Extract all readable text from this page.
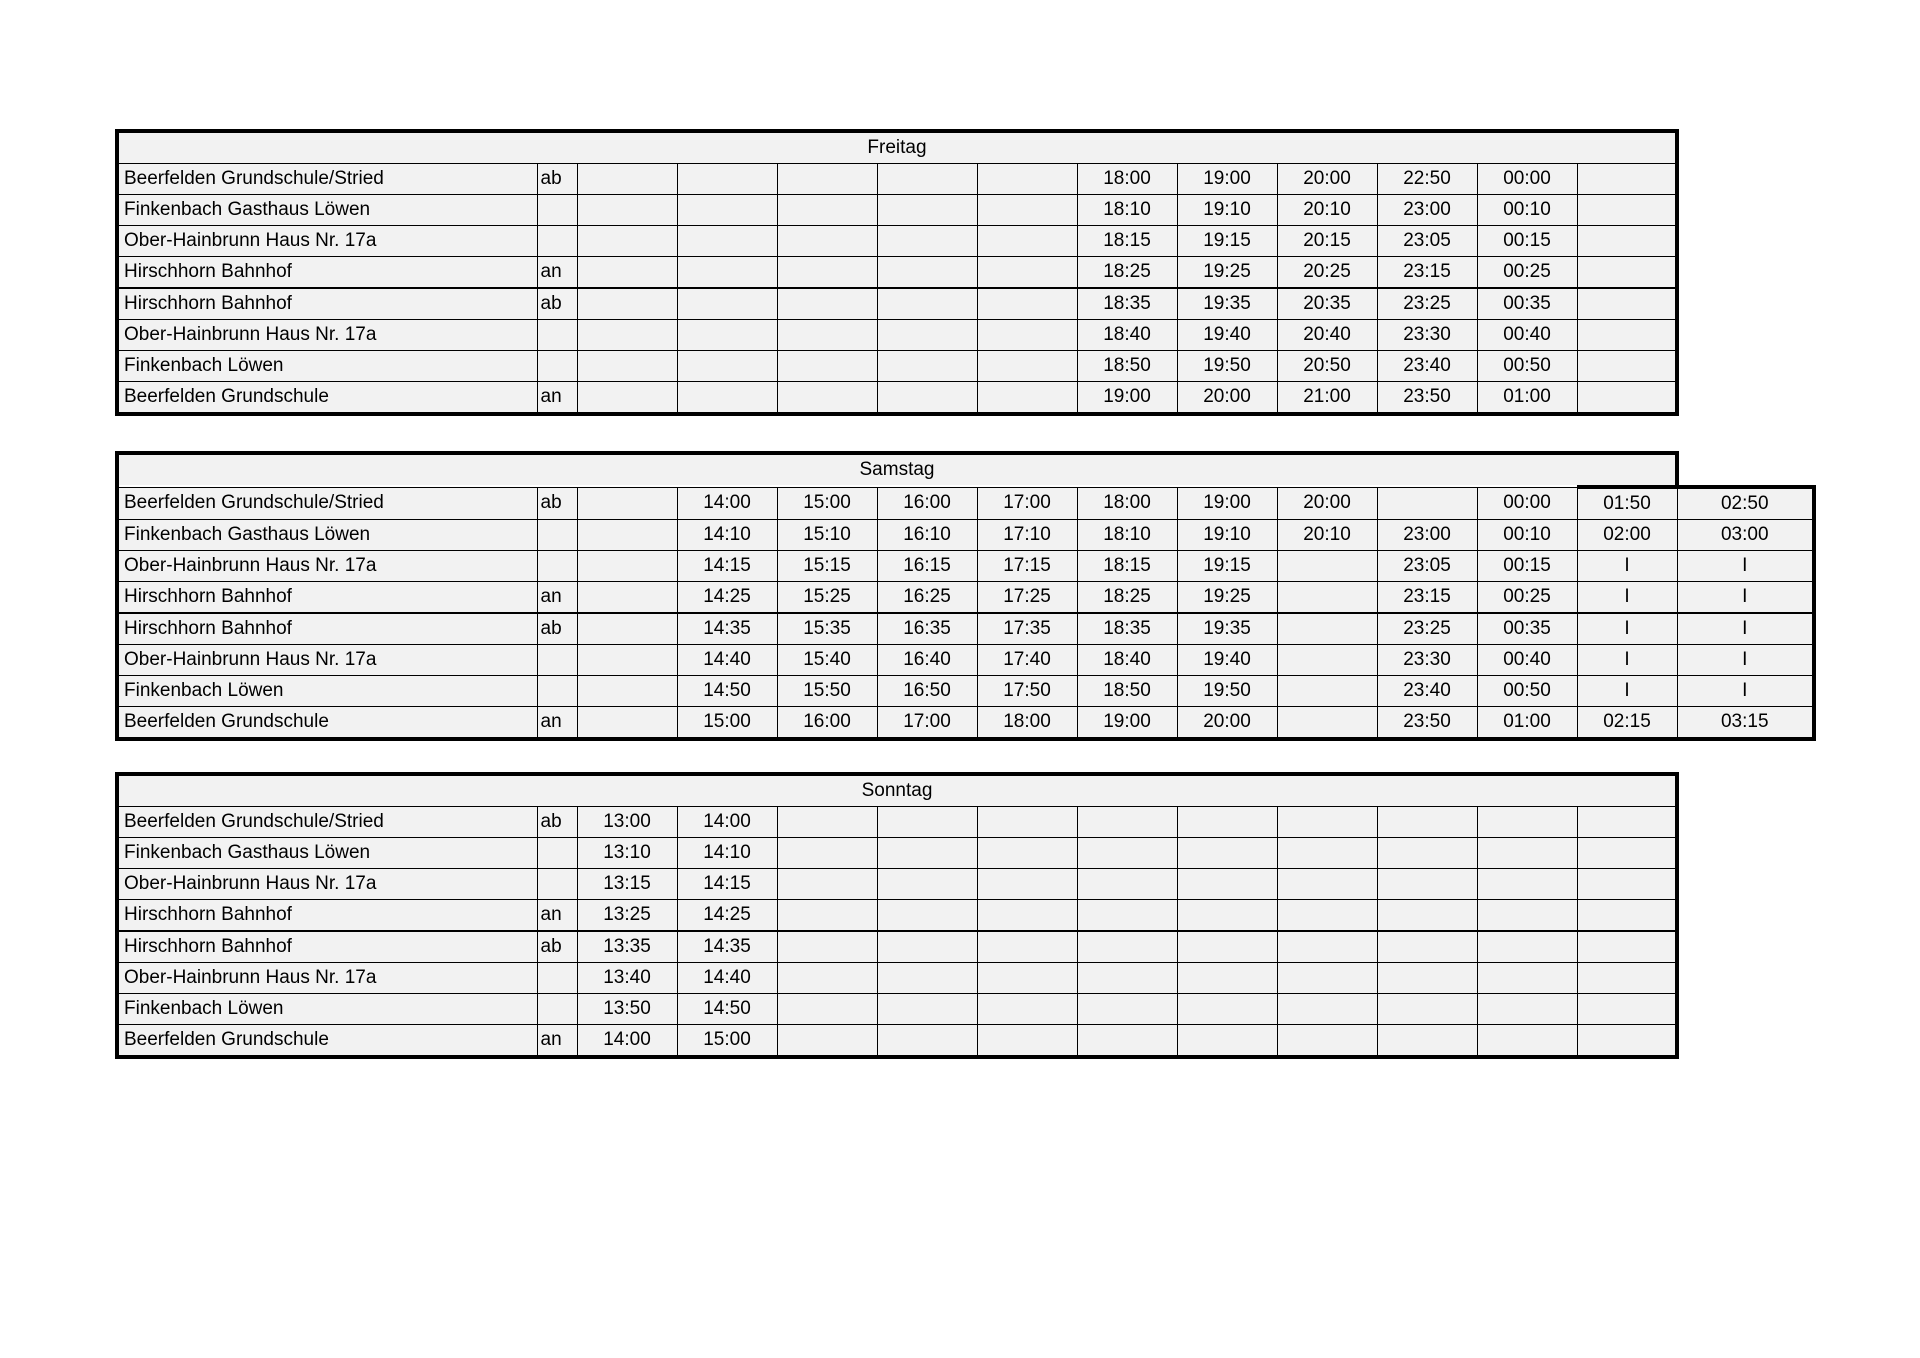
Freitag												
Beerfelden Grundschule/Stried	ab						18:00	19:00	20:00	22:50	00:00	
Finkenbach Gasthaus Löwen							18:10	19:10	20:10	23:00	00:10	
Ober-Hainbrunn Haus Nr. 17a							18:15	19:15	20:15	23:05	00:15	
Hirschhorn Bahnhof	an						18:25	19:25	20:25	23:15	00:25	
Hirschhorn Bahnhof	ab						18:35	19:35	20:35	23:25	00:35	
Ober-Hainbrunn Haus Nr. 17a							18:40	19:40	20:40	23:30	00:40	
Finkenbach Löwen							18:50	19:50	20:50	23:40	00:50	
Beerfelden Grundschule	an						19:00	20:00	21:00	23:50	01:00	
Samstag													
Beerfelden Grundschule/Stried	ab		14:00	15:00	16:00	17:00	18:00	19:00	20:00		00:00	01:50	02:50
Finkenbach Gasthaus Löwen			14:10	15:10	16:10	17:10	18:10	19:10	20:10	23:00	00:10	02:00	03:00
Ober-Hainbrunn Haus Nr. 17a			14:15	15:15	16:15	17:15	18:15	19:15		23:05	00:15	I	I
Hirschhorn Bahnhof	an		14:25	15:25	16:25	17:25	18:25	19:25		23:15	00:25	I	I
Hirschhorn Bahnhof	ab		14:35	15:35	16:35	17:35	18:35	19:35		23:25	00:35	I	I
Ober-Hainbrunn Haus Nr. 17a			14:40	15:40	16:40	17:40	18:40	19:40		23:30	00:40	I	I
Finkenbach Löwen			14:50	15:50	16:50	17:50	18:50	19:50		23:40	00:50	I	I
Beerfelden Grundschule	an		15:00	16:00	17:00	18:00	19:00	20:00		23:50	01:00	02:15	03:15
Sonntag												
Beerfelden Grundschule/Stried	ab	13:00	14:00									
Finkenbach Gasthaus Löwen		13:10	14:10									
Ober-Hainbrunn Haus Nr. 17a		13:15	14:15									
Hirschhorn Bahnhof	an	13:25	14:25									
Hirschhorn Bahnhof	ab	13:35	14:35									
Ober-Hainbrunn Haus Nr. 17a		13:40	14:40									
Finkenbach Löwen		13:50	14:50									
Beerfelden Grundschule	an	14:00	15:00									
